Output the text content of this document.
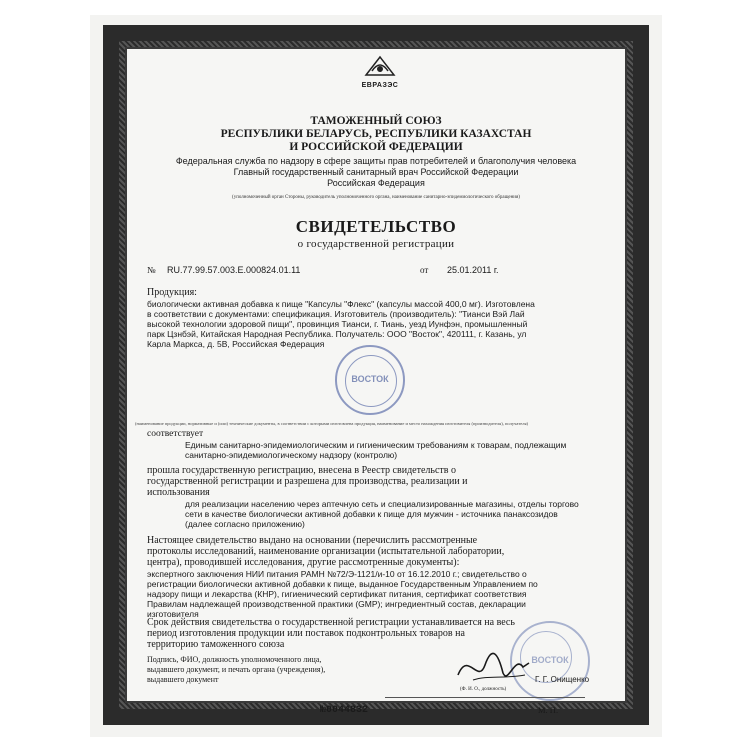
ЕВРАЗЭС
ТАМОЖЕННЫЙ СОЮЗ
РЕСПУБЛИКИ БЕЛАРУСЬ, РЕСПУБЛИКИ КАЗАХСТАН
И РОССИЙСКОЙ ФЕДЕРАЦИИ
Федеральная служба по надзору в сфере защиты прав потребителей и благополучия человека
Главный государственный санитарный врач Российской Федерации
Российская Федерация
(уполномоченный орган Стороны, руководитель уполномоченного органа, наименование санитарно-эпидемиологического обращения)
СВИДЕТЕЛЬСТВО
о государственной регистрации
№ RU.77.99.57.003.Е.000824.01.11	от 25.01.2011 г.
Продукция:
биологически активная добавка к пище "Капсулы "Флекс" (капсулы массой 400,0 мг). Изготовлена
в соответствии с документами: спецификация. Изготовитель (производитель): "Тианси Вэй Лай
высокой технологии здоровой пищи", провинция Тианси, г. Тиань, уезд Иунфэн, промышленный
парк Цзнбэй, Китайская Народная Республика. Получатель: ООО "Восток", 420111, г. Казань, ул
Карла Маркса, д. 5В, Российская Федерация
ВОСТОК
(наименование продукции, нормативные и (или) технические документы, в соответствии с которыми изготовлена продукция, наименование и место нахождения изготовителя (производителя), получателя)
соответствует
Единым санитарно-эпидемиологическим и гигиеническим требованиям к товарам, подлежащим
санитарно-эпидемиологическому надзору (контролю)
прошла государственную регистрацию, внесена в Реестр свидетельств о
государственной регистрации и разрешена для производства, реализации и
использования
для реализации населению через аптечную сеть и специализированные магазины, отделы торгово
сети в качестве биологически активной добавки к пище для мужчин - источника панаксозидов
(далее согласно приложению)
Настоящее свидетельство выдано на основании (перечислить рассмотренные
протоколы исследований, наименование организации (испытательной лаборатории,
центра), проводившей исследования, другие рассмотренные документы):
экспертного заключения НИИ питания РАМН №72/Э-1121/и-10 от 16.12.2010 г.; свидетельство о
регистрации биологически активной добавки к пище, выданное Государственным Управлением по
надзору пищи и лекарства (КНР), гигиенический сертификат питания, сертификат соответствия
Правилам надлежащей производственной практики (GMP); ингредиентный состав, декларации
изготовителя
Срок действия свидетельства о государственной регистрации устанавливается на весь
период изготовления продукции или поставок подконтрольных товаров на
территорию таможенного союза
ВОСТОК
Подпись, ФИО, должность уполномоченного лица,
выдавшего документ, и печать органа (учреждения),
выдавшего документ	Г. Г. Онищенко
(Ф. И. О., должность)
№0044832	М. П.
